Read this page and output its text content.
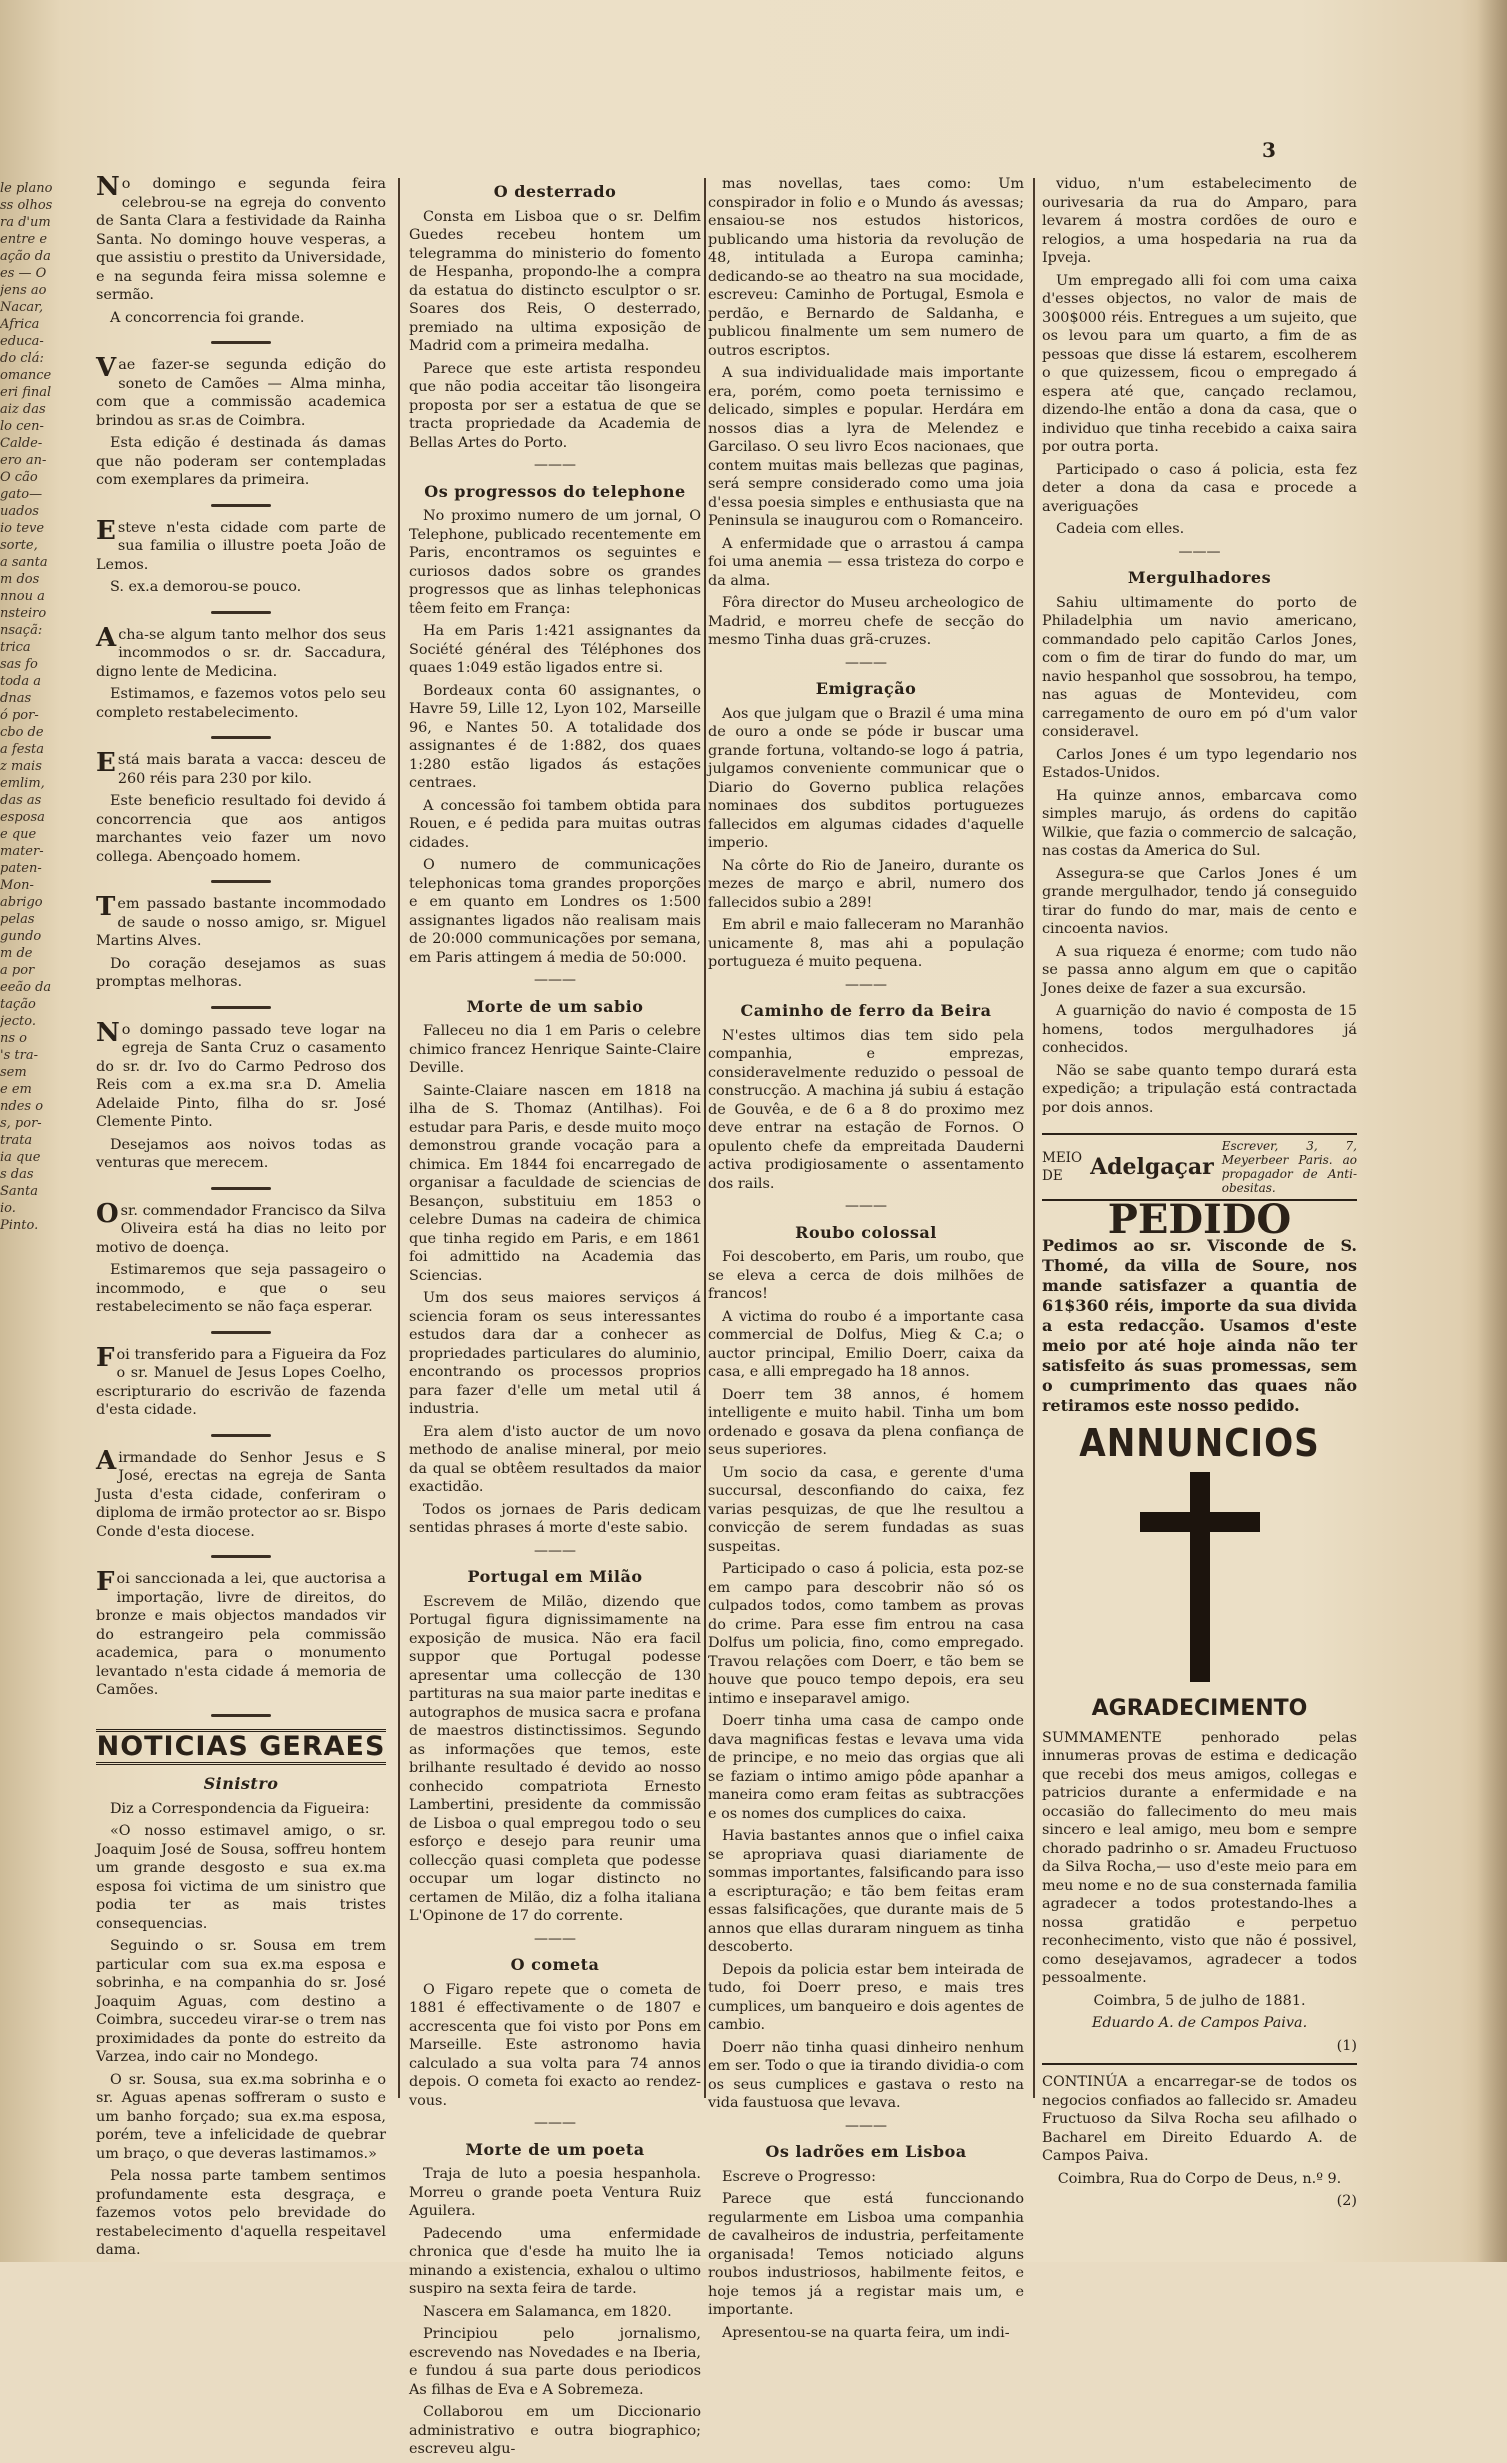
3
le plano
ss olhos
ra d'um
entre e
ação da
es — O
jens ao
Nacar,
Africa
educa-
do clá:
omance
eri final
aiz das
lo cen-
Calde-
ero an-
O cão
gato—
uados
io teve
sorte,
a santa
m dos
nnou a
nsteiro
nsaçã:
trica
sas fo
toda a
dnas
ó por-
cbo de
a festa
z mais
emlim,
das as
esposa
e que
mater-
paten-
Mon-
abrigo
pelas
gundo
m de
a por
eeão da
tação
jecto.
ns o
's tra-
sem
e em
ndes o
s, por-
trata
ia que
s das
Santa
io.
Pinto.

No domingo e segunda feira celebrou-se na egreja do convento de Santa Clara a festividade da Rainha Santa. No domingo houve vesperas, a que assistiu o prestito da Universidade, e na segunda feira missa solemne e sermão.

A concorrencia foi grande.

Vae fazer-se segunda edição do soneto de Camões — Alma minha, com que a commissão academica brindou as sr.as de Coimbra.

Esta edição é destinada ás damas que não poderam ser contempladas com exemplares da primeira.

Esteve n'esta cidade com parte de sua familia o illustre poeta João de Lemos.

S. ex.a demorou-se pouco.

Acha-se algum tanto melhor dos seus incommodos o sr. dr. Saccadura, digno lente de Medicina.

Estimamos, e fazemos votos pelo seu completo restabelecimento.

Está mais barata a vacca: desceu de 260 réis para 230 por kilo.

Este beneficio resultado foi devido á concorrencia que aos antigos marchantes veio fazer um novo collega. Abençoado homem.

Tem passado bastante incommodado de saude o nosso amigo, sr. Miguel Martins Alves.

Do coração desejamos as suas promptas melhoras.

No domingo passado teve logar na egreja de Santa Cruz o casamento do sr. dr. Ivo do Carmo Pedroso dos Reis com a ex.ma sr.a D. Amelia Adelaide Pinto, filha do sr. José Clemente Pinto.

Desejamos aos noivos todas as venturas que merecem.

O sr. commendador Francisco da Silva Oliveira está ha dias no leito por motivo de doença.

Estimaremos que seja passageiro o incommodo, e que o seu restabelecimento se não faça esperar.

Foi transferido para a Figueira da Foz o sr. Manuel de Jesus Lopes Coelho, escripturario do escrivão de fazenda d'esta cidade.

A irmandade do Senhor Jesus e S José, erectas na egreja de Santa Justa d'esta cidade, conferiram o diploma de irmão protector ao sr. Bispo Conde d'esta diocese.

Foi sanccionada a lei, que auctorisa a importação, livre de direitos, do bronze e mais objectos mandados vir do estrangeiro pela commissão academica, para o monumento levantado n'esta cidade á memoria de Camões.

NOTICIAS GERAES
Sinistro

Diz a Correspondencia da Figueira:

«O nosso estimavel amigo, o sr. Joaquim José de Sousa, soffreu hontem um grande desgosto e sua ex.ma esposa foi victima de um sinistro que podia ter as mais tristes consequencias.

Seguindo o sr. Sousa em trem particular com sua ex.ma esposa e sobrinha, e na companhia do sr. José Joaquim Aguas, com destino a Coimbra, succedeu virar-se o trem nas proximidades da ponte do estreito da Varzea, indo cair no Mondego.

O sr. Sousa, sua ex.ma sobrinha e o sr. Aguas apenas soffreram o susto e um banho forçado; sua ex.ma esposa, porém, teve a infelicidade de quebrar um braço, o que deveras lastimamos.»

Pela nossa parte tambem sentimos profundamente esta desgraça, e fazemos votos pelo brevidade do restabelecimento d'aquella respeitavel dama.

O desterrado

Consta em Lisboa que o sr. Delfim Guedes recebeu hontem um telegramma do ministerio do fomento de Hespanha, propondo-lhe a compra da estatua do distincto esculptor o sr. Soares dos Reis, O desterrado, premiado na ultima exposição de Madrid com a primeira medalha.

Parece que este artista respondeu que não podia acceitar tão lisongeira proposta por ser a estatua de que se tracta propriedade da Academia de Bellas Artes do Porto.

———
Os progressos do telephone

No proximo numero de um jornal, O Telephone, publicado recentemente em Paris, encontramos os seguintes e curiosos dados sobre os grandes progressos que as linhas telephonicas têem feito em França:

Ha em Paris 1:421 assignantes da Société général des Téléphones dos quaes 1:049 estão ligados entre si.

Bordeaux conta 60 assignantes, o Havre 59, Lille 12, Lyon 102, Marseille 96, e Nantes 50. A totalidade dos assignantes é de 1:882, dos quaes 1:280 estão ligados ás estações centraes.

A concessão foi tambem obtida para Rouen, e é pedida para muitas outras cidades.

O numero de communicações telephonicas toma grandes proporções e em quanto em Londres os 1:500 assignantes ligados não realisam mais de 20:000 communicações por semana, em Paris attingem á media de 50:000.

———
Morte de um sabio

Falleceu no dia 1 em Paris o celebre chimico francez Henrique Sainte-Claire Deville.

Sainte-Claiare nascen em 1818 na ilha de S. Thomaz (Antilhas). Foi estudar para Paris, e desde muito moço demonstrou grande vocação para a chimica. Em 1844 foi encarregado de organisar a faculdade de sciencias de Besançon, substituiu em 1853 o celebre Dumas na cadeira de chimica que tinha regido em Paris, e em 1861 foi admittido na Academia das Sciencias.

Um dos seus maiores serviços á sciencia foram os seus interessantes estudos dara dar a conhecer as propriedades particulares do aluminio, encontrando os processos proprios para fazer d'elle um metal util á industria.

Era alem d'isto auctor de um novo methodo de analise mineral, por meio da qual se obtêem resultados da maior exactidão.

Todos os jornaes de Paris dedicam sentidas phrases á morte d'este sabio.

———
Portugal em Milão

Escrevem de Milão, dizendo que Portugal figura dignissimamente na exposição de musica. Não era facil suppor que Portugal podesse apresentar uma collecção de 130 partituras na sua maior parte ineditas e autographos de musica sacra e profana de maestros distinctissimos. Segundo as informações que temos, este brilhante resultado é devido ao nosso conhecido compatriota Ernesto Lambertini, presidente da commissão de Lisboa o qual empregou todo o seu esforço e desejo para reunir uma collecção quasi completa que podesse occupar um logar distincto no certamen de Milão, diz a folha italiana L'Opinone de 17 do corrente.

———
O cometa

O Figaro repete que o cometa de 1881 é effectivamente o de 1807 e accrescenta que foi visto por Pons em Marseille. Este astronomo havia calculado a sua volta para 74 annos depois. O cometa foi exacto ao rendez-vous.

———
Morte de um poeta

Traja de luto a poesia hespanhola. Morreu o grande poeta Ventura Ruiz Aguilera.

Padecendo uma enfermidade chronica que d'esde ha muito lhe ia minando a existencia, exhalou o ultimo suspiro na sexta feira de tarde.

Nascera em Salamanca, em 1820.

Principiou pelo jornalismo, escrevendo nas Novedades e na Iberia, e fundou á sua parte dous periodicos As filhas de Eva e A Sobremeza.

Collaborou em um Diccionario administrativo e outra biographico; escreveu algu-

mas novellas, taes como: Um conspirador in folio e o Mundo ás avessas; ensaiou-se nos estudos historicos, publicando uma historia da revolução de 48, intitulada a Europa caminha; dedicando-se ao theatro na sua mocidade, escreveu: Caminho de Portugal, Esmola e perdão, e Bernardo de Saldanha, e publicou finalmente um sem numero de outros escriptos.

A sua individualidade mais importante era, porém, como poeta ternissimo e delicado, simples e popular. Herdára em nossos dias a lyra de Melendez e Garcilaso. O seu livro Ecos nacionaes, que contem muitas mais bellezas que paginas, será sempre considerado como uma joia d'essa poesia simples e enthusiasta que na Peninsula se inaugurou com o Romanceiro.

A enfermidade que o arrastou á campa foi uma anemia — essa tristeza do corpo e da alma.

Fôra director do Museu archeologico de Madrid, e morreu chefe de secção do mesmo Tinha duas grã-cruzes.

———
Emigração

Aos que julgam que o Brazil é uma mina de ouro a onde se póde ir buscar uma grande fortuna, voltando-se logo á patria, julgamos conveniente communicar que o Diario do Governo publica relações nominaes dos subditos portuguezes fallecidos em algumas cidades d'aquelle imperio.

Na côrte do Rio de Janeiro, durante os mezes de março e abril, numero dos fallecidos subio a 289!

Em abril e maio falleceram no Maranhão unicamente 8, mas ahi a população portugueza é muito pequena.

———
Caminho de ferro da Beira

N'estes ultimos dias tem sido pela companhia, e emprezas, consideravelmente reduzido o pessoal de construcção. A machina já subiu á estação de Gouvêa, e de 6 a 8 do proximo mez deve entrar na estação de Fornos. O opulento chefe da empreitada Dauderni activa prodigiosamente o assentamento dos rails.

———
Roubo colossal

Foi descoberto, em Paris, um roubo, que se eleva a cerca de dois milhões de francos!

A victima do roubo é a importante casa commercial de Dolfus, Mieg & C.a; o auctor principal, Emilio Doerr, caixa da casa, e alli empregado ha 18 annos.

Doerr tem 38 annos, é homem intelligente e muito habil. Tinha um bom ordenado e gosava da plena confiança de seus superiores.

Um socio da casa, e gerente d'uma succursal, desconfiando do caixa, fez varias pesquizas, de que lhe resultou a convicção de serem fundadas as suas suspeitas.

Participado o caso á policia, esta poz-se em campo para descobrir não só os culpados todos, como tambem as provas do crime. Para esse fim entrou na casa Dolfus um policia, fino, como empregado. Travou relações com Doerr, e tão bem se houve que pouco tempo depois, era seu intimo e inseparavel amigo.

Doerr tinha uma casa de campo onde dava magnificas festas e levava uma vida de principe, e no meio das orgias que ali se faziam o intimo amigo pôde apanhar a maneira como eram feitas as subtracções e os nomes dos cumplices do caixa.

Havia bastantes annos que o infiel caixa se apropriava quasi diariamente de sommas importantes, falsificando para isso a escripturação; e tão bem feitas eram essas falsificações, que durante mais de 5 annos que ellas duraram ninguem as tinha descoberto.

Depois da policia estar bem inteirada de tudo, foi Doerr preso, e mais tres cumplices, um banqueiro e dois agentes de cambio.

Doerr não tinha quasi dinheiro nenhum em ser. Todo o que ia tirando dividia-o com os seus cumplices e gastava o resto na vida faustuosa que levava.

———
Os ladrões em Lisboa

Escreve o Progresso:

Parece que está funccionando regularmente em Lisboa uma companhia de cavalheiros de industria, perfeitamente organisada! Temos noticiado alguns roubos industriosos, habilmente feitos, e hoje temos já a registar mais um, e importante.

Apresentou-se na quarta feira, um indi-

viduo, n'um estabelecimento de ourivesaria da rua do Amparo, para levarem á mostra cordões de ouro e relogios, a uma hospedaria na rua da Ipveja.

Um empregado alli foi com uma caixa d'esses objectos, no valor de mais de 300$000 réis. Entregues a um sujeito, que os levou para um quarto, a fim de as pessoas que disse lá estarem, escolherem o que quizessem, ficou o empregado á espera até que, cançado reclamou, dizendo-lhe então a dona da casa, que o individuo que tinha recebido a caixa saira por outra porta.

Participado o caso á policia, esta fez deter a dona da casa e procede a averiguações

Cadeia com elles.

———
Mergulhadores

Sahiu ultimamente do porto de Philadelphia um navio americano, commandado pelo capitão Carlos Jones, com o fim de tirar do fundo do mar, um navio hespanhol que sossobrou, ha tempo, nas aguas de Montevideu, com carregamento de ouro em pó d'um valor consideravel.

Carlos Jones é um typo legendario nos Estados-Unidos.

Ha quinze annos, embarcava como simples marujo, ás ordens do capitão Wilkie, que fazia o commercio de salcação, nas costas da America do Sul.

Assegura-se que Carlos Jones é um grande mergulhador, tendo já conseguido tirar do fundo do mar, mais de cento e cincoenta navios.

A sua riqueza é enorme; com tudo não se passa anno algum em que o capitão Jones deixe de fazer a sua excursão.

A guarnição do navio é composta de 15 homens, todos mergulhadores já conhecidos.

Não se sabe quanto tempo durará esta expedição; a tripulação está contractada por dois annos.

MEIO DE	Adelgaçar
Escrever, 3, 7, Meyerbeer Paris. ao propagador de Anti-obesitas.
PEDIDO
Pedimos ao sr. Visconde de S. Thomé, da villa de Soure, nos mande satisfazer a quantia de 61$360 réis, importe da sua divida a esta redacção. Usamos d'este meio por até hoje ainda não ter satisfeito ás suas promessas, sem o cumprimento das quaes não retiramos este nosso pedido.
ANNUNCIOS
AGRADECIMENTO

SUMMAMENTE penhorado pelas innumeras provas de estima e dedicação que recebi dos meus amigos, collegas e patricios durante a enfermidade e na occasião do fallecimento do meu mais sincero e leal amigo, meu bom e sempre chorado padrinho o sr. Amadeu Fructuoso da Silva Rocha,— uso d'este meio para em meu nome e no de sua consternada familia agradecer a todos protestando-lhes a nossa gratidão e perpetuo reconhecimento, visto que não é possivel, como desejavamos, agradecer a todos pessoalmente.

Coimbra, 5 de julho de 1881.

Eduardo A. de Campos Paiva.

(1)

CONTINÚA a encarregar-se de todos os negocios confiados ao fallecido sr. Amadeu Fructuoso da Silva Rocha seu afilhado o Bacharel em Direito Eduardo A. de Campos Paiva.

Coimbra, Rua do Corpo de Deus, n.º 9.

(2)
